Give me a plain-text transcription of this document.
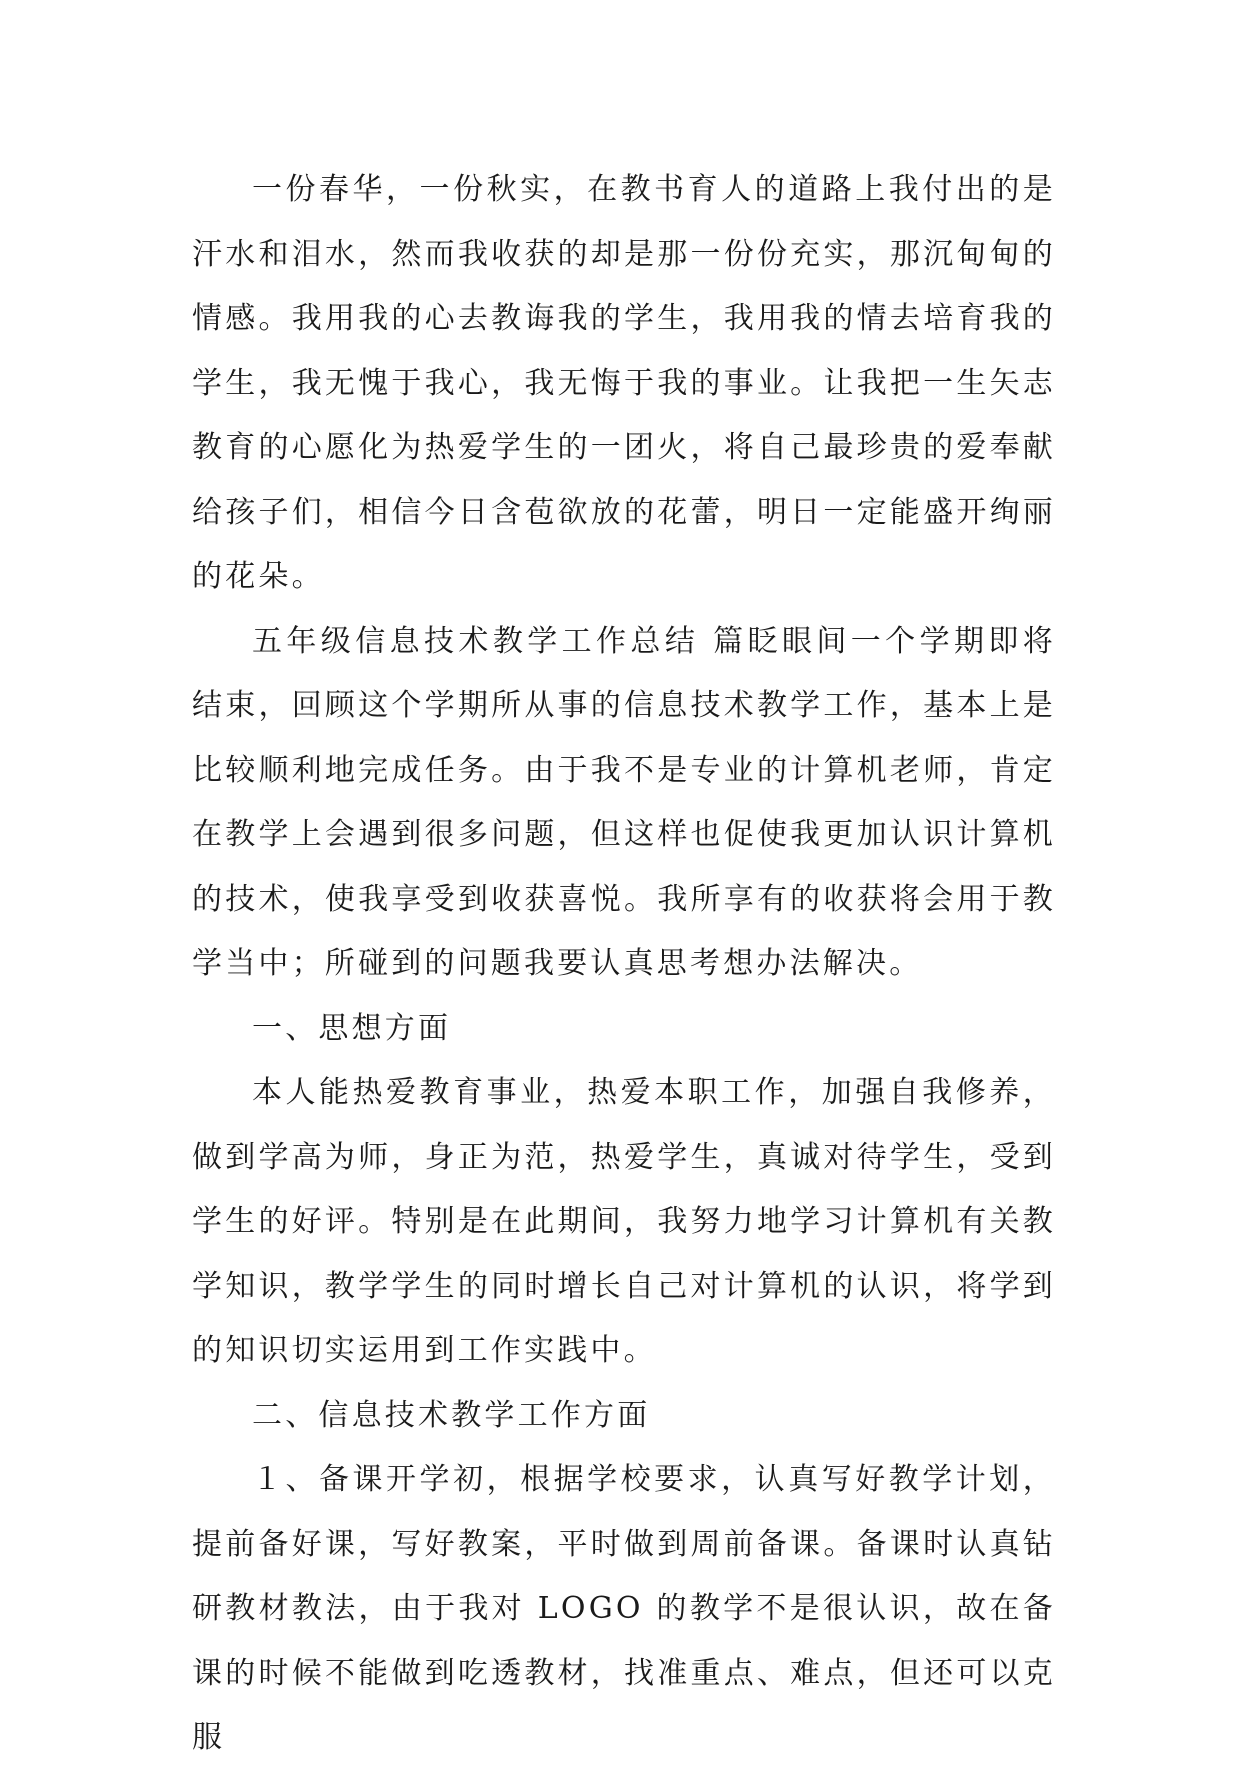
一份春华，一份秋实，在教书育人的道路上我付出的是汗水和泪水，然而我收获的却是那一份份充实，那沉甸甸的情感。我用我的心去教诲我的学生，我用我的情去培育我的学生，我无愧于我心，我无悔于我的事业。让我把一生矢志教育的心愿化为热爱学生的一团火，将自己最珍贵的爱奉献给孩子们，相信今日含苞欲放的花蕾，明日一定能盛开绚丽的花朵。

五年级信息技术教学工作总结 篇眨眼间一个学期即将结束，回顾这个学期所从事的信息技术教学工作，基本上是比较顺利地完成任务。由于我不是专业的计算机老师，肯定在教学上会遇到很多问题，但这样也促使我更加认识计算机的技术，使我享受到收获喜悦。我所享有的收获将会用于教学当中；所碰到的问题我要认真思考想办法解决。

一、思想方面

本人能热爱教育事业，热爱本职工作，加强自我修养，做到学高为师，身正为范，热爱学生，真诚对待学生，受到学生的好评。特别是在此期间，我努力地学习计算机有关教学知识，教学学生的同时增长自己对计算机的认识，将学到的知识切实运用到工作实践中。

二、信息技术教学工作方面

１、备课开学初，根据学校要求，认真写好教学计划，提前备好课，写好教案，平时做到周前备课。备课时认真钻研教材教法，由于我对 LOGO 的教学不是很认识，故在备课的时候不能做到吃透教材，找准重点、难点，但还可以克服
